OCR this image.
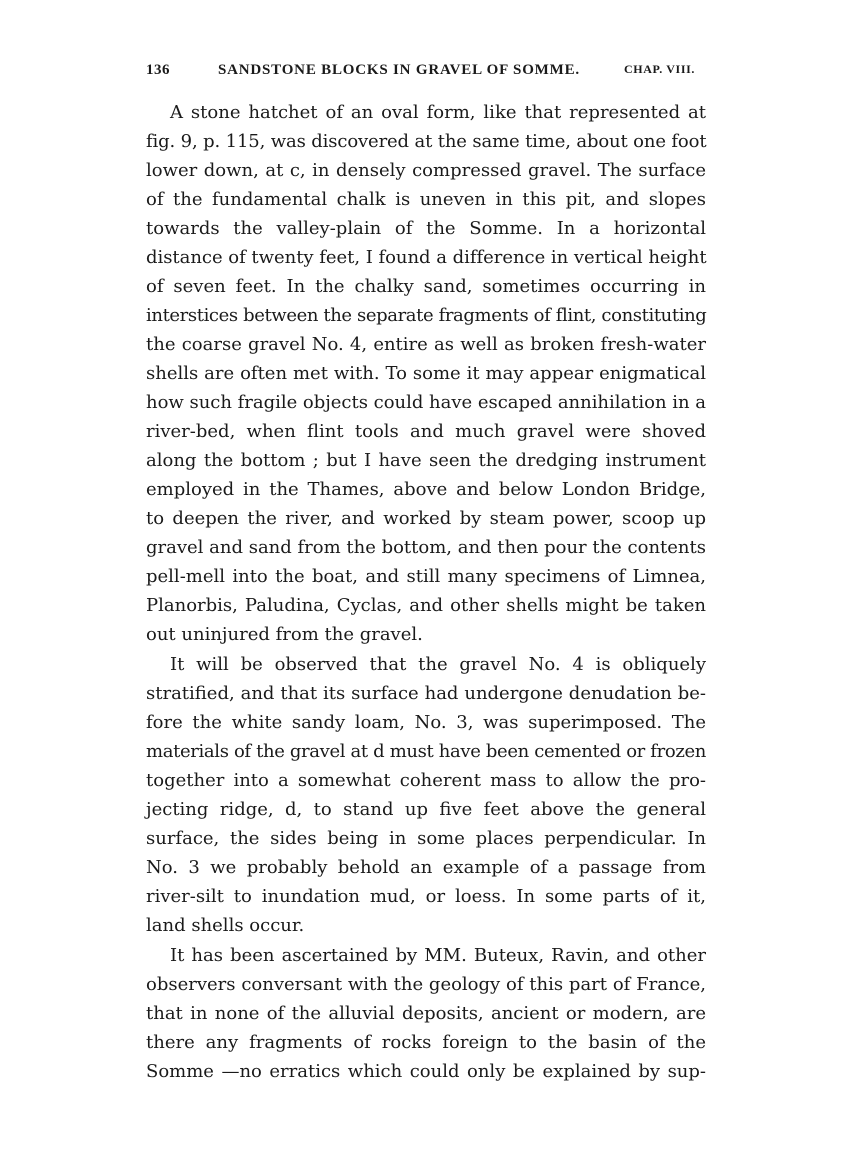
136	SANDSTONE BLOCKS IN GRAVEL OF SOMME.	CHAP. VIII.
A stone hatchet of an oval form, like that represented at
fig. 9, p. 115, was discovered at the same time, about one foot
lower down, at c, in densely compressed gravel. The surface
of the fundamental chalk is uneven in this pit, and slopes
towards the valley-plain of the Somme. In a horizontal
distance of twenty feet, I found a difference in vertical height
of seven feet. In the chalky sand, sometimes occurring in
interstices between the separate fragments of flint, constituting
the coarse gravel No. 4, entire as well as broken fresh-water
shells are often met with. To some it may appear enigmatical
how such fragile objects could have escaped annihilation in a
river-bed, when flint tools and much gravel were shoved
along the bottom ; but I have seen the dredging instrument
employed in the Thames, above and below London Bridge,
to deepen the river, and worked by steam power, scoop up
gravel and sand from the bottom, and then pour the contents
pell-mell into the boat, and still many specimens of Limnea,
Planorbis, Paludina, Cyclas, and other shells might be taken
out uninjured from the gravel.
It will be observed that the gravel No. 4 is obliquely
stratified, and that its surface had undergone denudation be-
fore the white sandy loam, No. 3, was superimposed. The
materials of the gravel at d must have been cemented or frozen
together into a somewhat coherent mass to allow the pro-
jecting ridge, d, to stand up five feet above the general
surface, the sides being in some places perpendicular. In
No. 3 we probably behold an example of a passage from
river-silt to inundation mud, or loess. In some parts of it,
land shells occur.
It has been ascertained by MM. Buteux, Ravin, and other
observers conversant with the geology of this part of France,
that in none of the alluvial deposits, ancient or modern, are
there any fragments of rocks foreign to the basin of the
Somme —no erratics which could only be explained by sup-
